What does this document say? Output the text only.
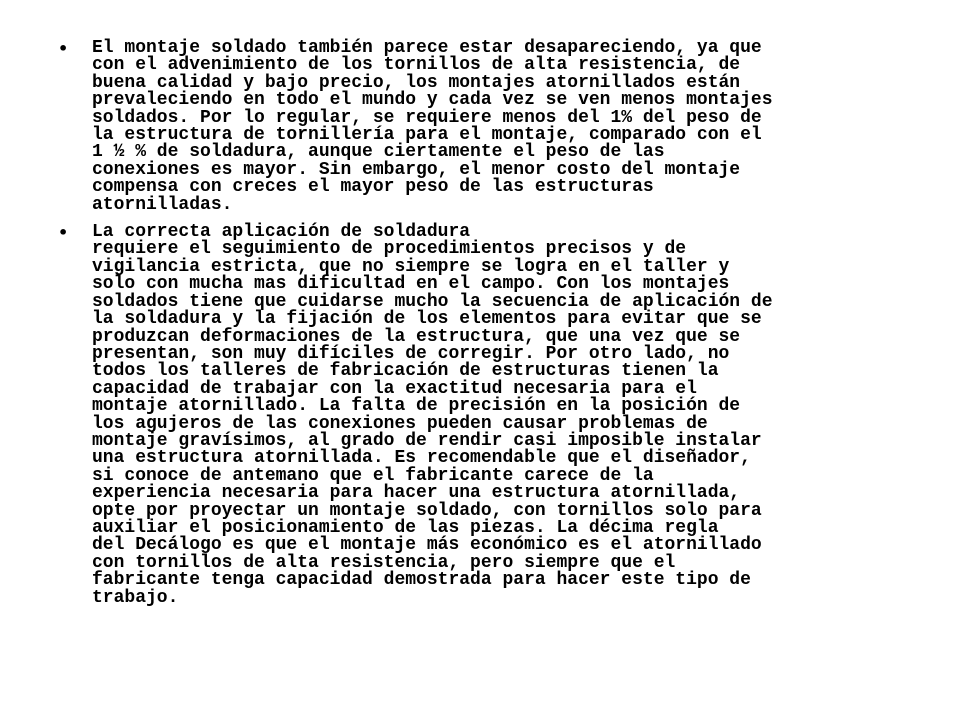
• El montaje soldado también parece estar desapareciendo, ya que
con el advenimiento de los tornillos de alta resistencia, de
buena calidad y bajo precio, los montajes atornillados están
prevaleciendo en todo el mundo y cada vez se ven menos montajes
soldados. Por lo regular, se requiere menos del 1% del peso de
la estructura de tornillería para el montaje, comparado con el
1 ½ % de soldadura, aunque ciertamente el peso de las
conexiones es mayor. Sin embargo, el menor costo del montaje
compensa con creces el mayor peso de las estructuras
atornilladas.
• La correcta aplicación de soldadura
requiere el seguimiento de procedimientos precisos y de
vigilancia estricta, que no siempre se logra en el taller y
solo con mucha mas dificultad en el campo. Con los montajes
soldados tiene que cuidarse mucho la secuencia de aplicación de
la soldadura y la fijación de los elementos para evitar que se
produzcan deformaciones de la estructura, que una vez que se
presentan, son muy difíciles de corregir. Por otro lado, no
todos los talleres de fabricación de estructuras tienen la
capacidad de trabajar con la exactitud necesaria para el
montaje atornillado. La falta de precisión en la posición de
los agujeros de las conexiones pueden causar problemas de
montaje gravísimos, al grado de rendir casi imposible instalar
una estructura atornillada. Es recomendable que el diseñador,
si conoce de antemano que el fabricante carece de la
experiencia necesaria para hacer una estructura atornillada,
opte por proyectar un montaje soldado, con tornillos solo para
auxiliar el posicionamiento de las piezas. La décima regla
del Decálogo es que el montaje más económico es el atornillado
con tornillos de alta resistencia, pero siempre que el
fabricante tenga capacidad demostrada para hacer este tipo de
trabajo.
